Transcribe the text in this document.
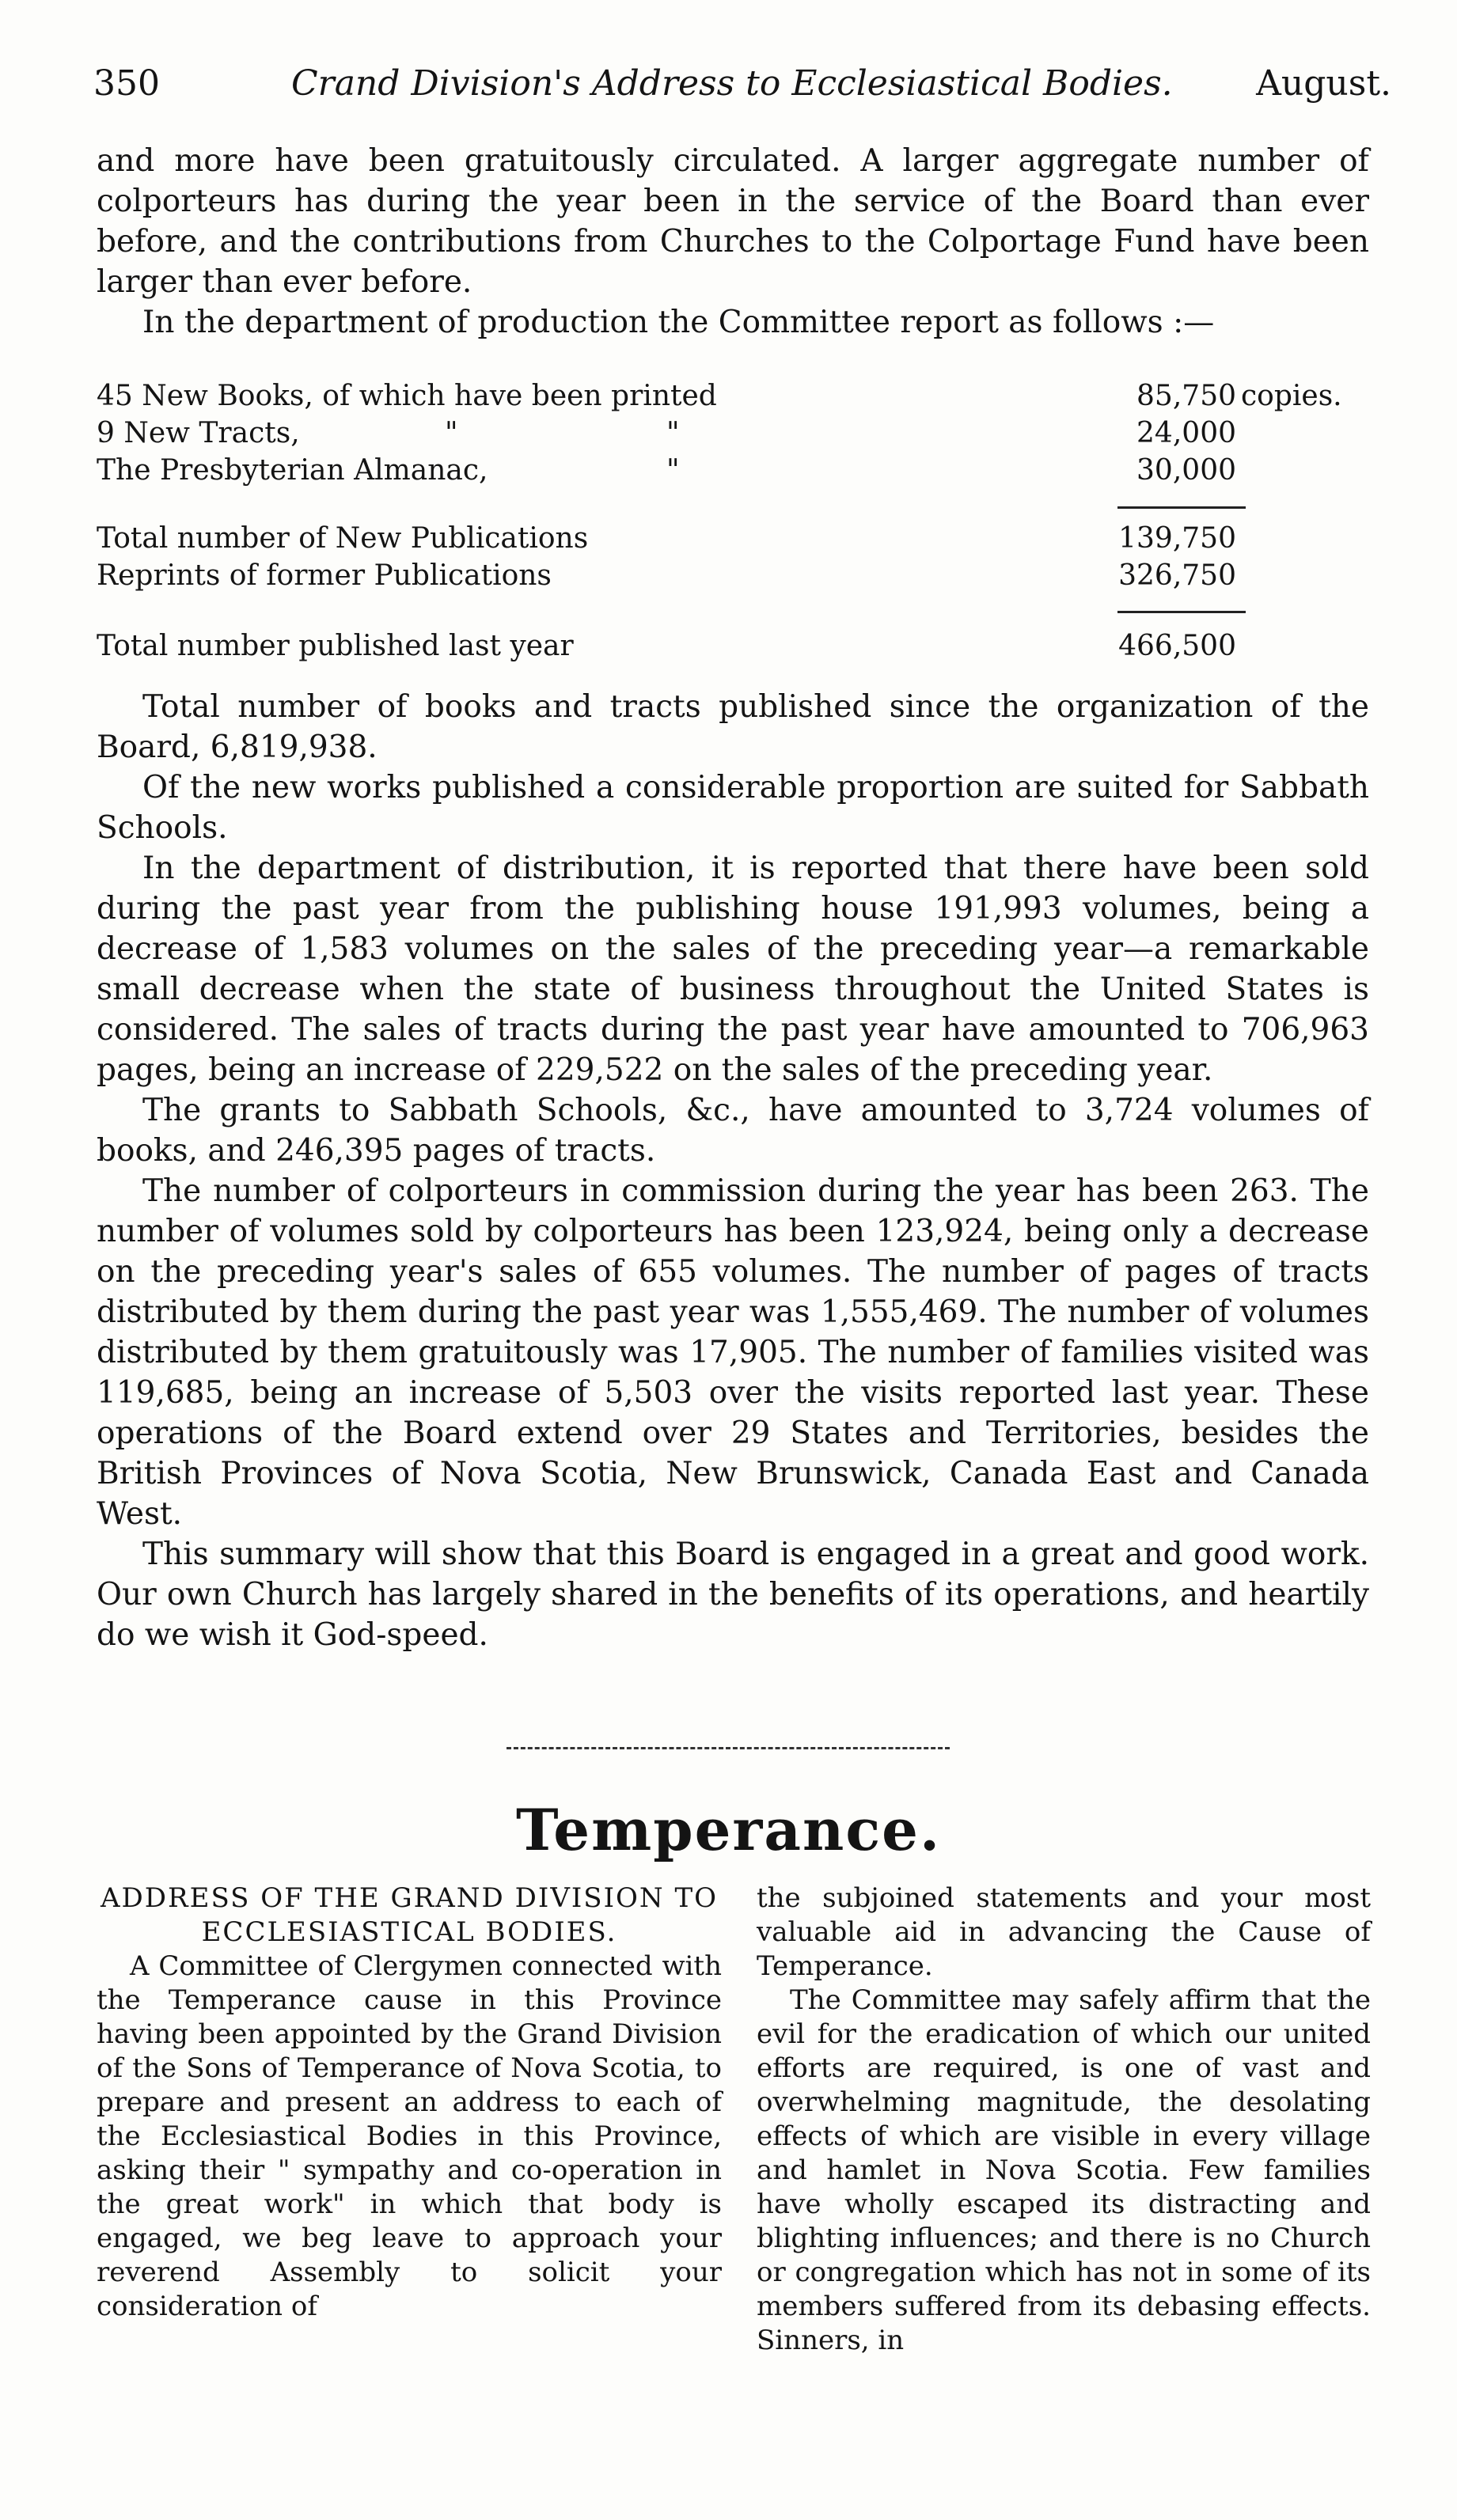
350	Crand Division's Address to Ecclesiastical Bodies. August.

and more have been gratuitously circulated. A larger aggregate number of colporteurs has during the year been in the service of the Board than ever before, and the contributions from Churches to the Colportage Fund have been larger than ever before.

In the department of production the Committee report as follows :—

45 New Books, of which have been printed	85,750 copies.
9 New Tracts,	"	"	24,000
The Presbyterian Almanac,	"	30,000
Total number of New Publications	139,750
Reprints of former Publications	326,750
Total number published last year	466,500

Total number of books and tracts published since the organization of the Board, 6,819,938.

Of the new works published a considerable proportion are suited for Sabbath Schools.

In the department of distribution, it is reported that there have been sold during the past year from the publishing house 191,993 volumes, being a decrease of 1,583 volumes on the sales of the preceding year—a remarkable small decrease when the state of business throughout the United States is considered. The sales of tracts during the past year have amounted to 706,963 pages, being an increase of 229,522 on the sales of the preceding year.

The grants to Sabbath Schools, &c., have amounted to 3,724 volumes of books, and 246,395 pages of tracts.

The number of colporteurs in commission during the year has been 263. The number of volumes sold by colporteurs has been 123,924, being only a decrease on the preceding year's sales of 655 volumes. The number of pages of tracts distributed by them during the past year was 1,555,469. The number of volumes distributed by them gratuitously was 17,905. The number of families visited was 119,685, being an increase of 5,503 over the visits reported last year. These operations of the Board extend over 29 States and Territories, besides the British Provinces of Nova Scotia, New Brunswick, Canada East and Canada West.

This summary will show that this Board is engaged in a great and good work. Our own Church has largely shared in the benefits of its operations, and heartily do we wish it God-speed.

Temperance.

ADDRESS OF THE GRAND DIVISION TO ECCLESIASTICAL BODIES.

A Committee of Clergymen connected with the Temperance cause in this Province having been appointed by the Grand Division of the Sons of Temperance of Nova Scotia, to prepare and present an address to each of the Ecclesiastical Bodies in this Province, asking their " sympathy and co-operation in the great work" in which that body is engaged, we beg leave to approach your reverend Assembly to solicit your consideration of

the subjoined statements and your most valuable aid in advancing the Cause of Temperance.

The Committee may safely affirm that the evil for the eradication of which our united efforts are required, is one of vast and overwhelming magnitude, the desolating effects of which are visible in every village and hamlet in Nova Scotia. Few families have wholly escaped its distracting and blighting influences; and there is no Church or congregation which has not in some of its members suffered from its debasing effects. Sinners, in
